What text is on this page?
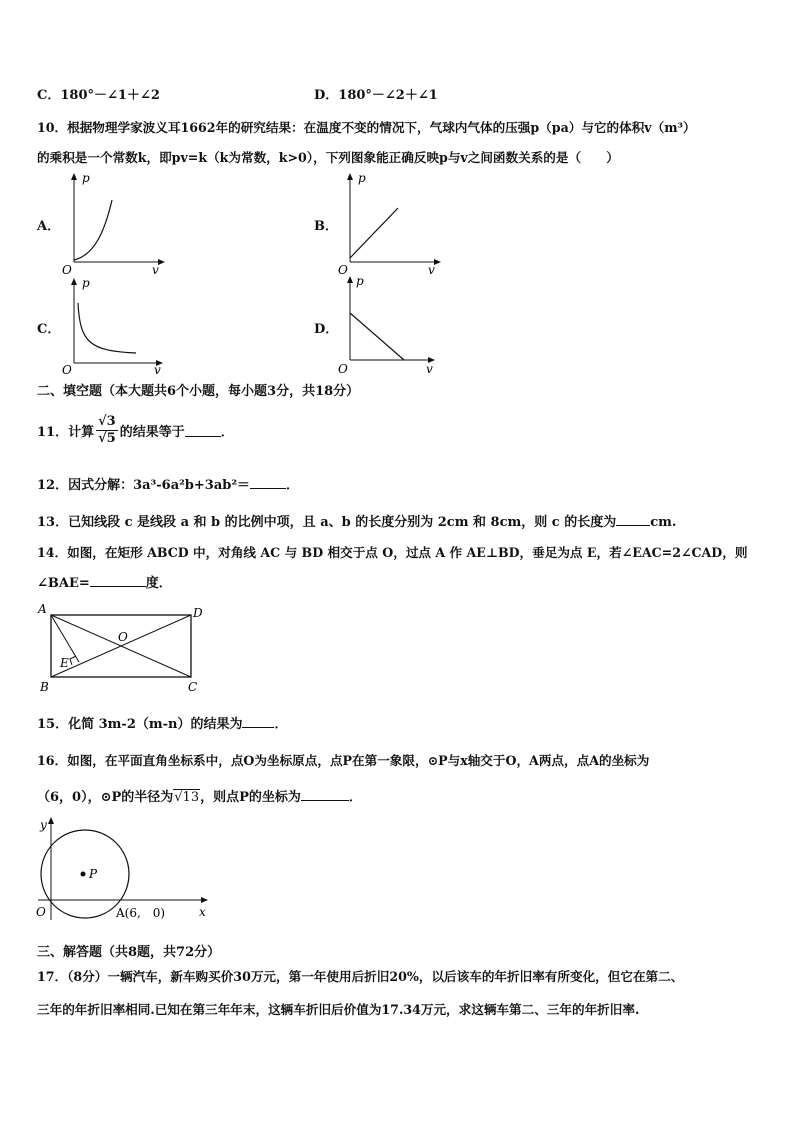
C．180°－∠1＋∠2	D．180°－∠2＋∠1
10．根据物理学家波义耳1662年的研究结果：在温度不变的情况下，气球内气体的压强p（pa）与它的体积v（m³）
的乘积是一个常数k，即pv=k（k为常数，k>0），下列图象能正确反映p与v之间函数关系的是（　　）
A．	B．
C．	D．
p
v
O
p
v
O
p
v
O
p
v
O
二、填空题（本大题共6个小题，每小题3分，共18分）
11．计算 $\frac{√3}{√5}$ 的结果等于	．
12．因式分解：3a³-6a²b+3ab²＝	．
13．已知线段 c 是线段 a 和 b 的比例中项，且 a、b 的长度分别为 2cm 和 8cm，则 c 的长度为	cm.
14．如图，在矩形 ABCD 中，对角线 AC 与 BD 相交于点 O，过点 A 作 AE⊥BD，垂足为点 E，若∠EAC=2∠CAD，则
∠BAE=	度．
A	D
B	C
O
E
15．化简 3m-2（m-n）的结果为 ．
16．如图，在平面直角坐标系中，点O为坐标原点，点P在第一象限，⊙P与x轴交于O，A两点，点A的坐标为
（6，0），⊙P的半径为√13，则点P的坐标为	．
y
x
O
P
A(6,　0)
三、解答题（共8题，共72分）
17．（8分）一辆汽车，新车购买价30万元，第一年使用后折旧20%，以后该车的年折旧率有所变化，但它在第二、
三年的年折旧率相同.已知在第三年年末，这辆车折旧后价值为17.34万元，求这辆车第二、三年的年折旧率.
